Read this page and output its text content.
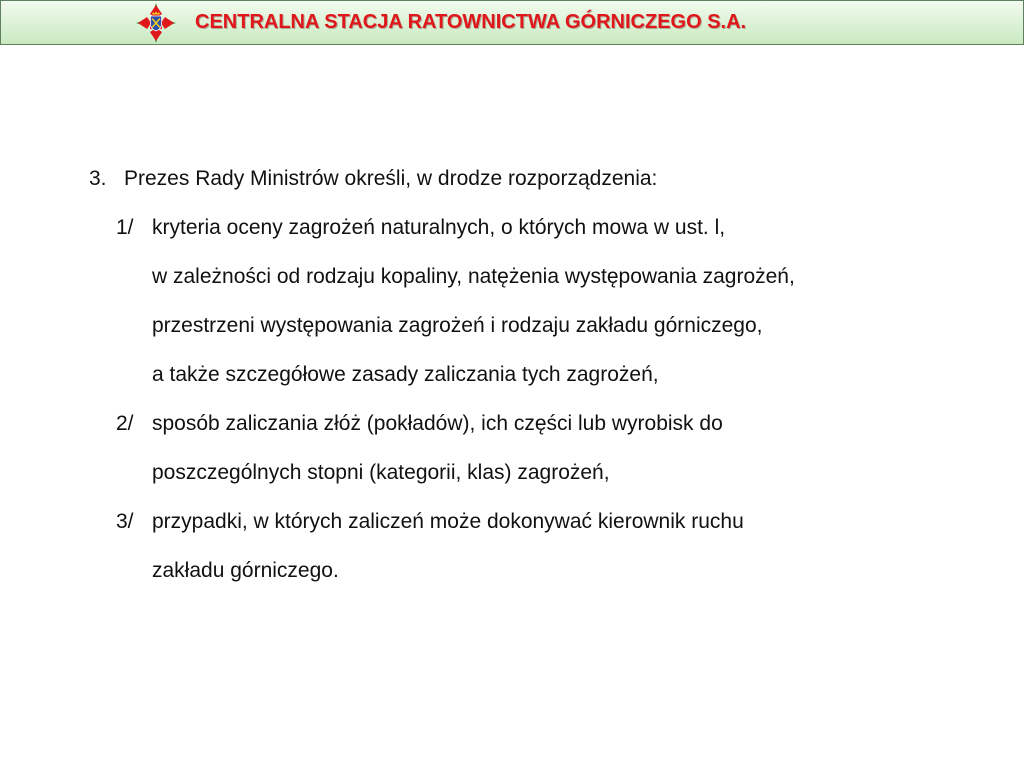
CENTRALNA STACJA RATOWNICTWA GÓRNICZEGO S.A.
3. Prezes Rady Ministrów określi, w drodze rozporządzenia:
1/ kryteria oceny zagrożeń naturalnych, o których mowa w ust. l,
w zależności od rodzaju kopaliny, natężenia występowania zagrożeń,
przestrzeni występowania zagrożeń i rodzaju zakładu górniczego,
a także szczegółowe zasady zaliczania tych zagrożeń,
2/ sposób zaliczania złóż (pokładów), ich części lub wyrobisk do
poszczególnych stopni (kategorii, klas) zagrożeń,
3/ przypadki, w których zaliczeń może dokonywać kierownik ruchu
zakładu górniczego.
